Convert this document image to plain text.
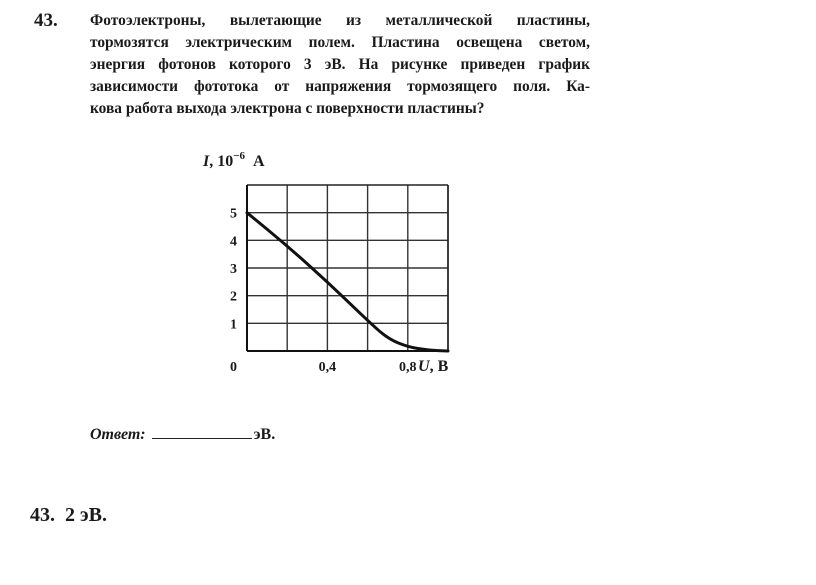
43. Фотоэлектроны, вылетающие из металлической пластины,
тормозятся электрическим полем. Пластина освещена светом,
энергия фотонов которого 3 эВ. На рисунке приведен график
зависимости фототока от напряжения тормозящего поля. Ка-
кова работа выхода электрона с поверхности пластины?

1
2
3
4
5
0	0,4	0,8
I, $10^{-6}$ А
U, В
Ответ:	эВ.
43. 2 эВ.
